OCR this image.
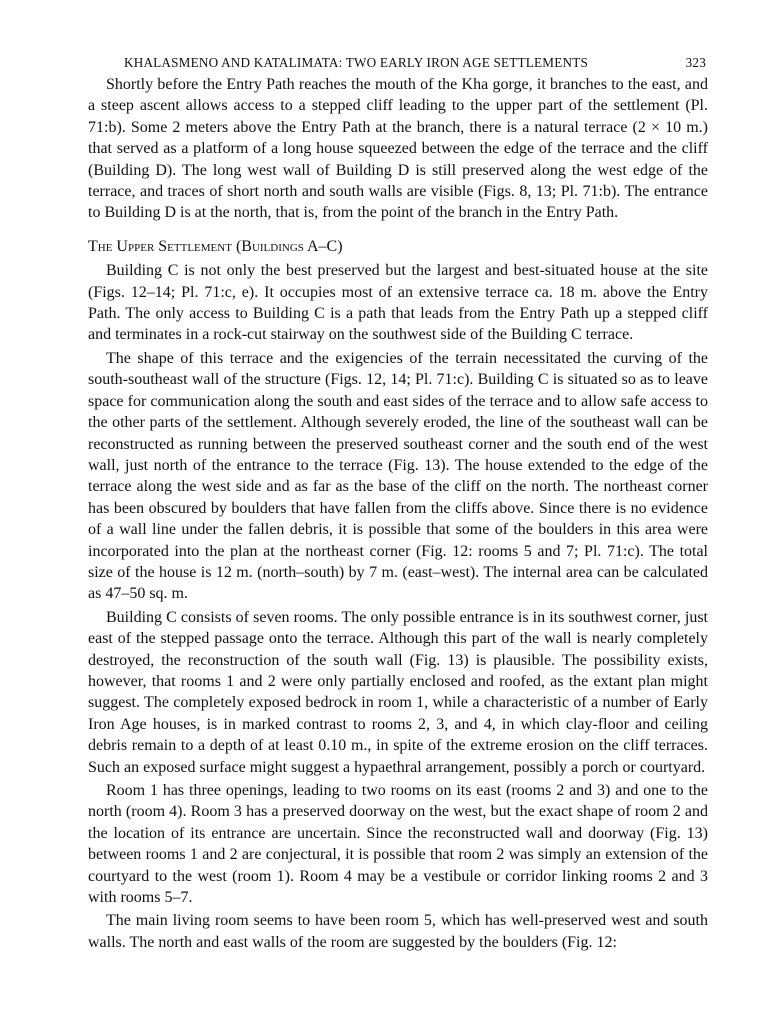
KHALASMENO AND KATALIMATA: TWO EARLY IRON AGE SETTLEMENTS	323

Shortly before the Entry Path reaches the mouth of the Kha gorge, it branches to the east, and a steep ascent allows access to a stepped cliff leading to the upper part of the settlement (Pl. 71:b). Some 2 meters above the Entry Path at the branch, there is a natural terrace (2 × 10 m.) that served as a platform of a long house squeezed between the edge of the terrace and the cliff (Building D). The long west wall of Building D is still preserved along the west edge of the terrace, and traces of short north and south walls are visible (Figs. 8, 13; Pl. 71:b). The entrance to Building D is at the north, that is, from the point of the branch in the Entry Path.

The Upper Settlement (Buildings A–C)

Building C is not only the best preserved but the largest and best-situated house at the site (Figs. 12–14; Pl. 71:c, e). It occupies most of an extensive terrace ca. 18 m. above the Entry Path. The only access to Building C is a path that leads from the Entry Path up a stepped cliff and terminates in a rock-cut stairway on the southwest side of the Building C terrace.

The shape of this terrace and the exigencies of the terrain necessitated the curving of the south-southeast wall of the structure (Figs. 12, 14; Pl. 71:c). Building C is situated so as to leave space for communication along the south and east sides of the terrace and to allow safe access to the other parts of the settlement. Although severely eroded, the line of the southeast wall can be reconstructed as running between the preserved southeast corner and the south end of the west wall, just north of the entrance to the terrace (Fig. 13). The house extended to the edge of the terrace along the west side and as far as the base of the cliff on the north. The northeast corner has been obscured by boulders that have fallen from the cliffs above. Since there is no evidence of a wall line under the fallen debris, it is possible that some of the boulders in this area were incorporated into the plan at the northeast corner (Fig. 12: rooms 5 and 7; Pl. 71:c). The total size of the house is 12 m. (north–south) by 7 m. (east–west). The internal area can be calculated as 47–50 sq. m.

Building C consists of seven rooms. The only possible entrance is in its southwest corner, just east of the stepped passage onto the terrace. Although this part of the wall is nearly completely destroyed, the reconstruction of the south wall (Fig. 13) is plausible. The possibility exists, however, that rooms 1 and 2 were only partially enclosed and roofed, as the extant plan might suggest. The completely exposed bedrock in room 1, while a characteristic of a number of Early Iron Age houses, is in marked contrast to rooms 2, 3, and 4, in which clay-floor and ceiling debris remain to a depth of at least 0.10 m., in spite of the extreme erosion on the cliff terraces. Such an exposed surface might suggest a hypaethral arrangement, possibly a porch or courtyard.

Room 1 has three openings, leading to two rooms on its east (rooms 2 and 3) and one to the north (room 4). Room 3 has a preserved doorway on the west, but the exact shape of room 2 and the location of its entrance are uncertain. Since the reconstructed wall and doorway (Fig. 13) between rooms 1 and 2 are conjectural, it is possible that room 2 was simply an extension of the courtyard to the west (room 1). Room 4 may be a vestibule or corridor linking rooms 2 and 3 with rooms 5–7.

The main living room seems to have been room 5, which has well-preserved west and south walls. The north and east walls of the room are suggested by the boulders (Fig. 12:
